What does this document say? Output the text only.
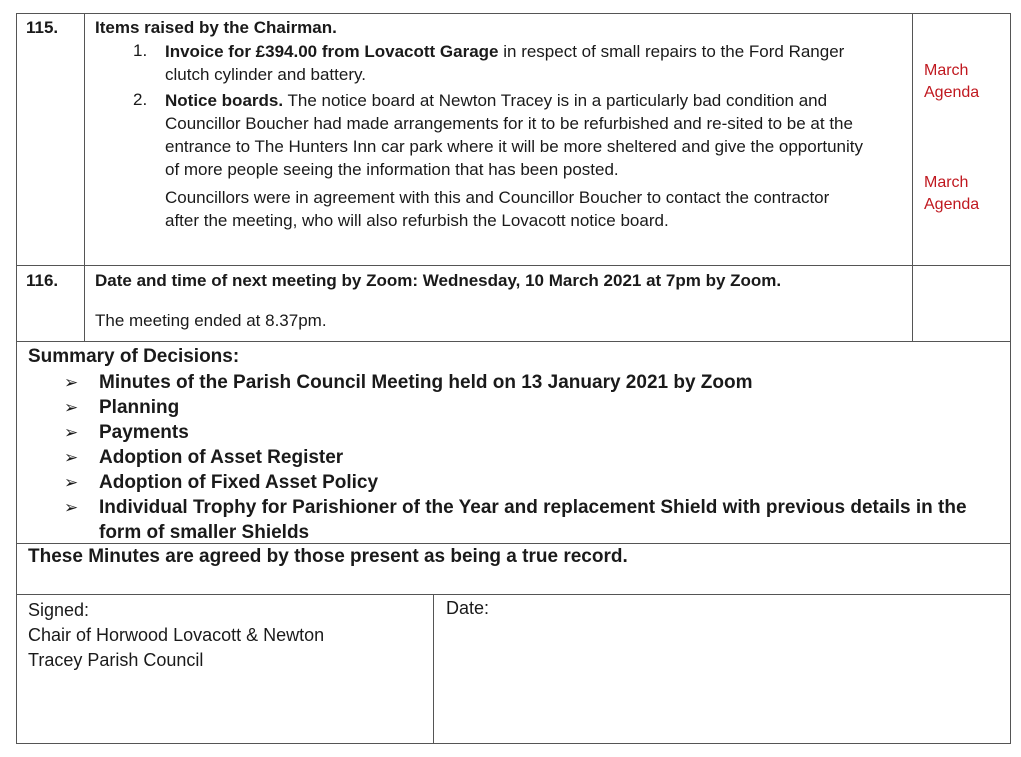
115. Items raised by the Chairman.
1. Invoice for £394.00 from Lovacott Garage in respect of small repairs to the Ford Ranger
clutch cylinder and battery.
2. Notice boards. The notice board at Newton Tracey is in a particularly bad condition and
Councillor Boucher had made arrangements for it to be refurbished and re-sited to be at the
entrance to The Hunters Inn car park where it will be more sheltered and give the opportunity
of more people seeing the information that has been posted.
Councillors were in agreement with this and Councillor Boucher to contact the contractor
after the meeting, who will also refurbish the Lovacott notice board.
March
Agenda
March
Agenda
116. Date and time of next meeting by Zoom: Wednesday, 10 March 2021 at 7pm by Zoom.
The meeting ended at 8.37pm.
Summary of Decisions:
➢ Minutes of the Parish Council Meeting held on 13 January 2021 by Zoom
➢ Planning
➢ Payments
➢ Adoption of Asset Register
➢ Adoption of Fixed Asset Policy
➢ Individual Trophy for Parishioner of the Year and replacement Shield with previous details in the form of smaller Shields
These Minutes are agreed by those present as being a true record.
Signed:
Chair of Horwood Lovacott & Newton
Tracey Parish Council
Date:
